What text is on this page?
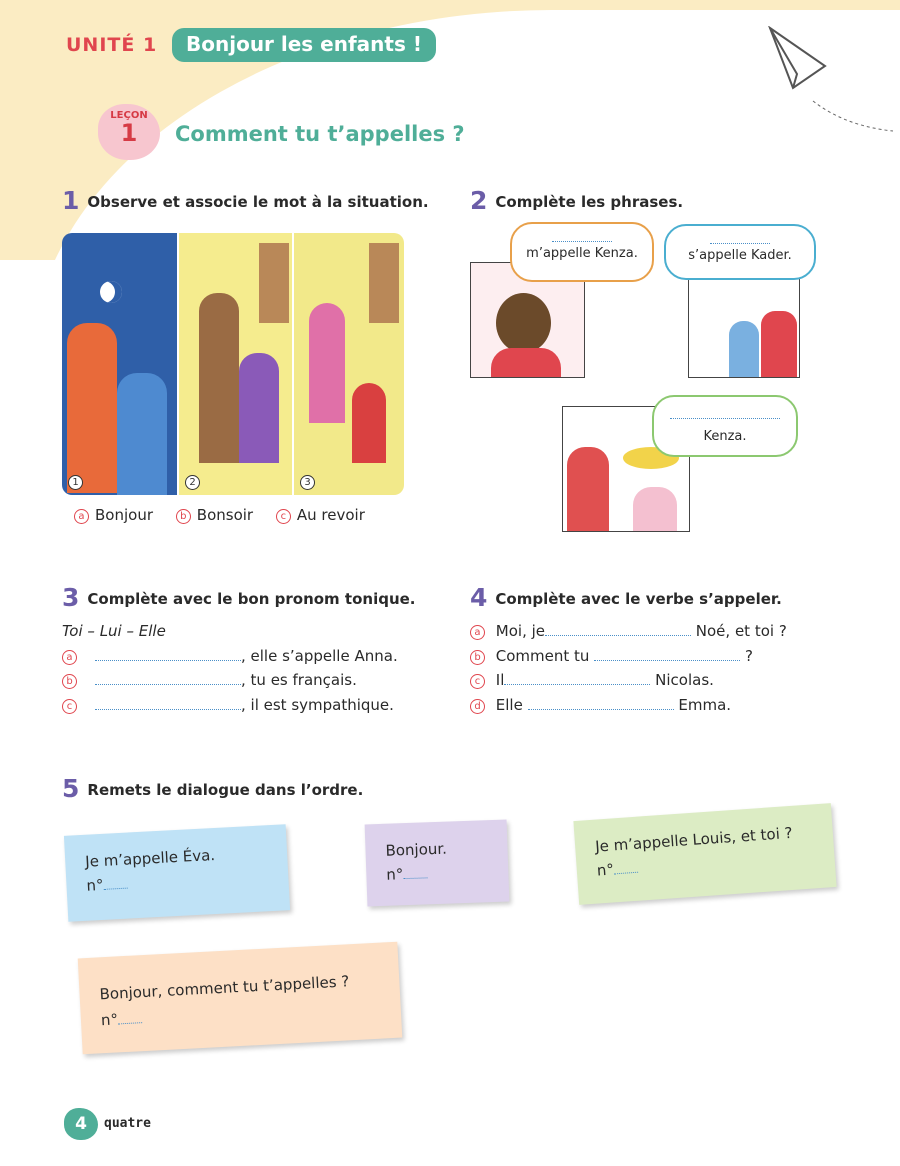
UNITÉ 1	Bonjour les enfants !
LEÇON
1	Comment tu t’appelles ?
1 Observe et associe le mot à la situation.
1	2	3
a Bonjour	b Bonsoir	c Au revoir
2 Complète les phrases.
m’appelle Kenza.	s’appelle Kader.
Kenza.
3 Complète avec le bon pronom tonique.
Toi – Lui – Elle
a	, elle s’appelle Anna.
b	, tu es français.
c	, il est sympathique.
4 Complète avec le verbe s’appeler.
a Moi, je	Noé, et toi ?
b Comment tu	?
c Il	Nicolas.
d Elle	Emma.
5 Remets le dialogue dans l’ordre.
Je m’appelle Éva.
n°
Bonjour.
n°
Je m’appelle Louis, et toi ?
n°
Bonjour, comment tu t’appelles ?
n°
4	quatre
